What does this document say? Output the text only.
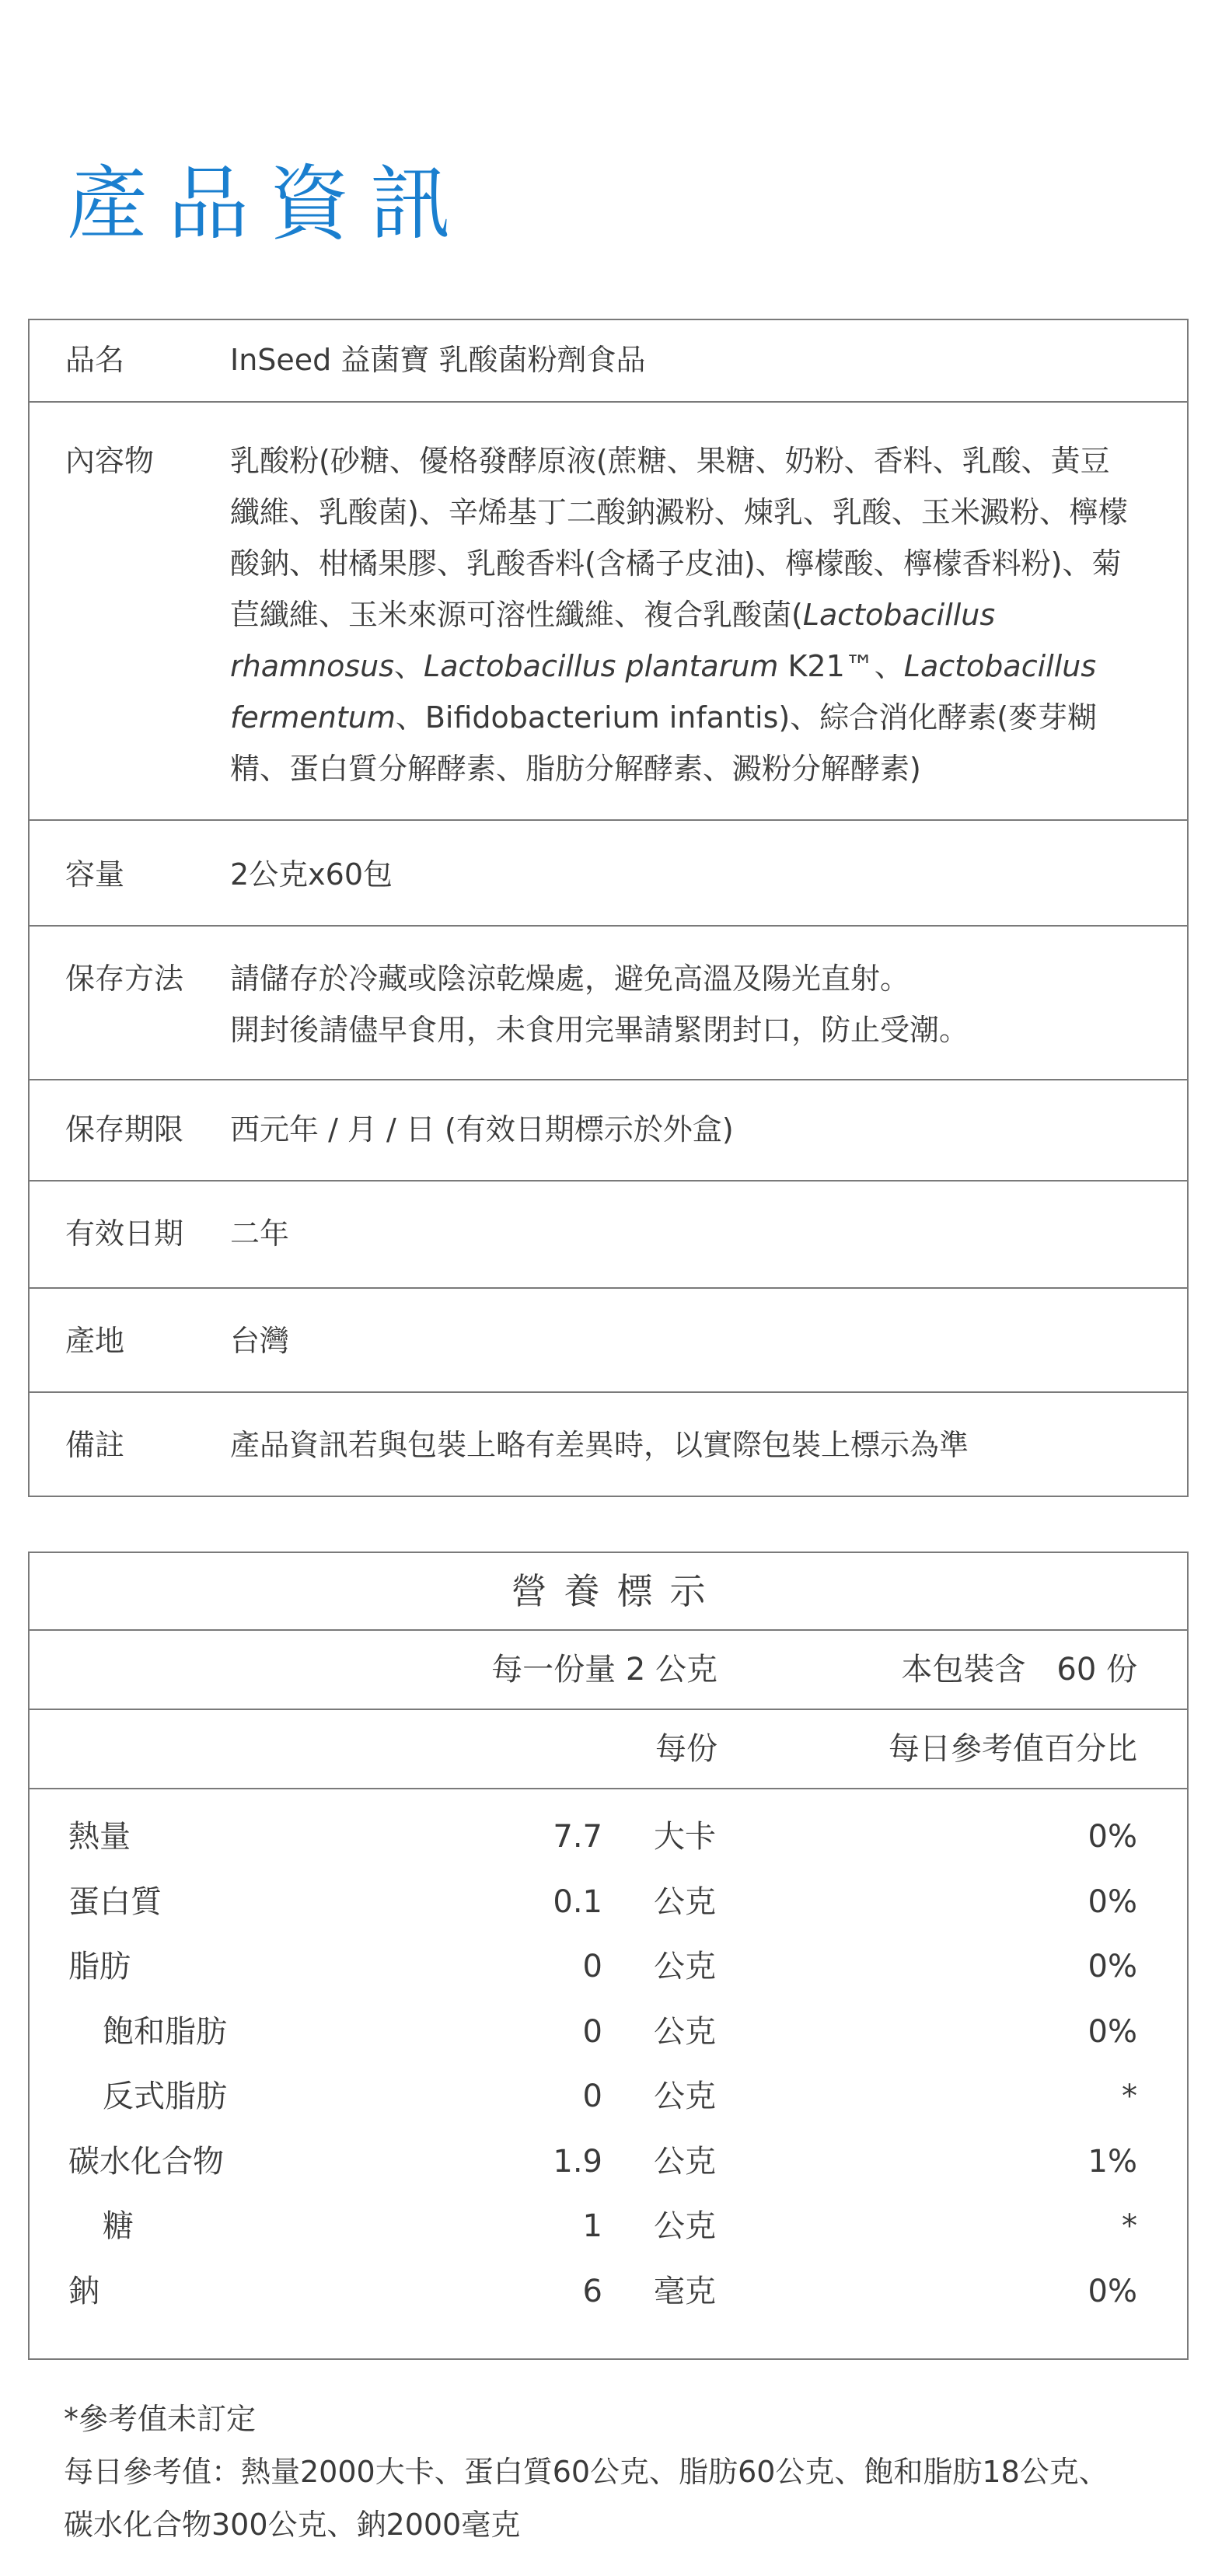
產品資訊
品名	InSeed 益菌寶 乳酸菌粉劑食品
內容物	乳酸粉(砂糖、優格發酵原液(蔗糖、果糖、奶粉、香料、乳酸、黃豆
纖維、乳酸菌)、辛烯基丁二酸鈉澱粉、煉乳、乳酸、玉米澱粉、檸檬
酸鈉、柑橘果膠、乳酸香料(含橘子皮油)、檸檬酸、檸檬香料粉)、菊
苣纖維、玉米來源可溶性纖維、複合乳酸菌(Lactobacillus
rhamnosus、Lactobacillus plantarum K21™、Lactobacillus
fermentum、Bifidobacterium infantis)、綜合消化酵素(麥芽糊
精、蛋白質分解酵素、脂肪分解酵素、澱粉分解酵素)
容量	2公克x60包
保存方法	請儲存於冷藏或陰涼乾燥處，避免高溫及陽光直射。
開封後請儘早食用，未食用完畢請緊閉封口，防止受潮。
保存期限	西元年 / 月 / 日 (有效日期標示於外盒)
有效日期	二年
產地	台灣
備註	產品資訊若與包裝上略有差異時，以實際包裝上標示為準
營養標示
每一份量 2 公克	本包裝含　60 份
每份	每日參考值百分比
熱量	7.7 大卡	0%
蛋白質	0.1 公克	0%
脂肪	0 公克	0%
飽和脂肪	0 公克	0%
反式脂肪	0 公克	*
碳水化合物	1.9 公克	1%
糖	1 公克	*
鈉	6 毫克	0%
*參考值未訂定
每日參考值：熱量2000大卡、蛋白質60公克、脂肪60公克、飽和脂肪18公克、
碳水化合物300公克、鈉2000毫克
